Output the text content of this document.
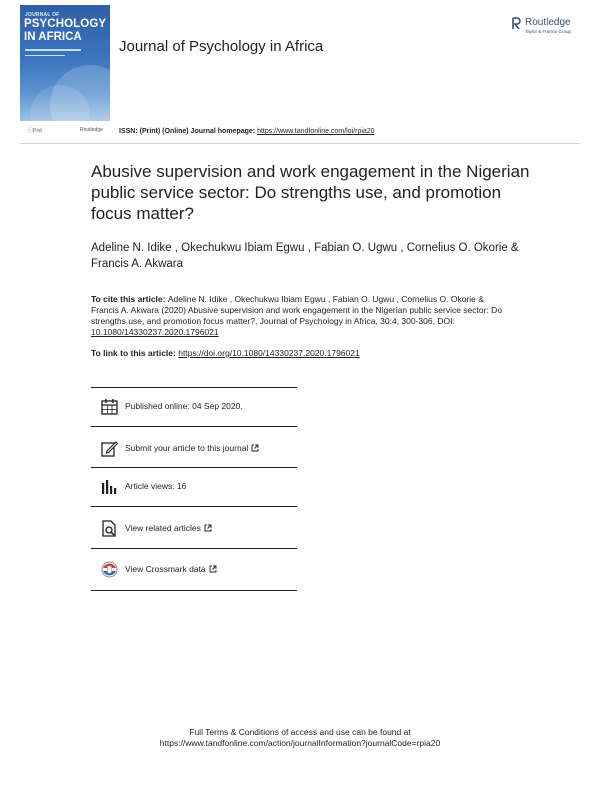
JOURNAL OF
PSYCHOLOGY
IN AFRICA
ⓒPsd	Routledge
Journal of Psychology in Africa
Routledge
Taylor & Francis Group
ISSN: (Print) (Online) Journal homepage: https://www.tandfonline.com/loi/rpia20
Abusive supervision and work engagement in the Nigerian public service sector: Do strengths use, and promotion focus matter?
Adeline N. Idike , Okechukwu Ibiam Egwu , Fabian O. Ugwu , Cornelius O. Okorie & Francis A. Akwara
To cite this article: Adeline N. Idike , Okechukwu Ibiam Egwu , Fabian O. Ugwu , Cornelius O. Okorie & Francis A. Akwara (2020) Abusive supervision and work engagement in the Nigerian public service sector: Do strengths use, and promotion focus matter?, Journal of Psychology in Africa, 30:4, 300-306, DOI: 10.1080/14330237.2020.1796021
To link to this article: https://doi.org/10.1080/14330237.2020.1796021
Published online: 04 Sep 2020.
Submit your article to this journal
Article views: 16
View related articles
View Crossmark data
Full Terms & Conditions of access and use can be found at
https://www.tandfonline.com/action/journalInformation?journalCode=rpia20
